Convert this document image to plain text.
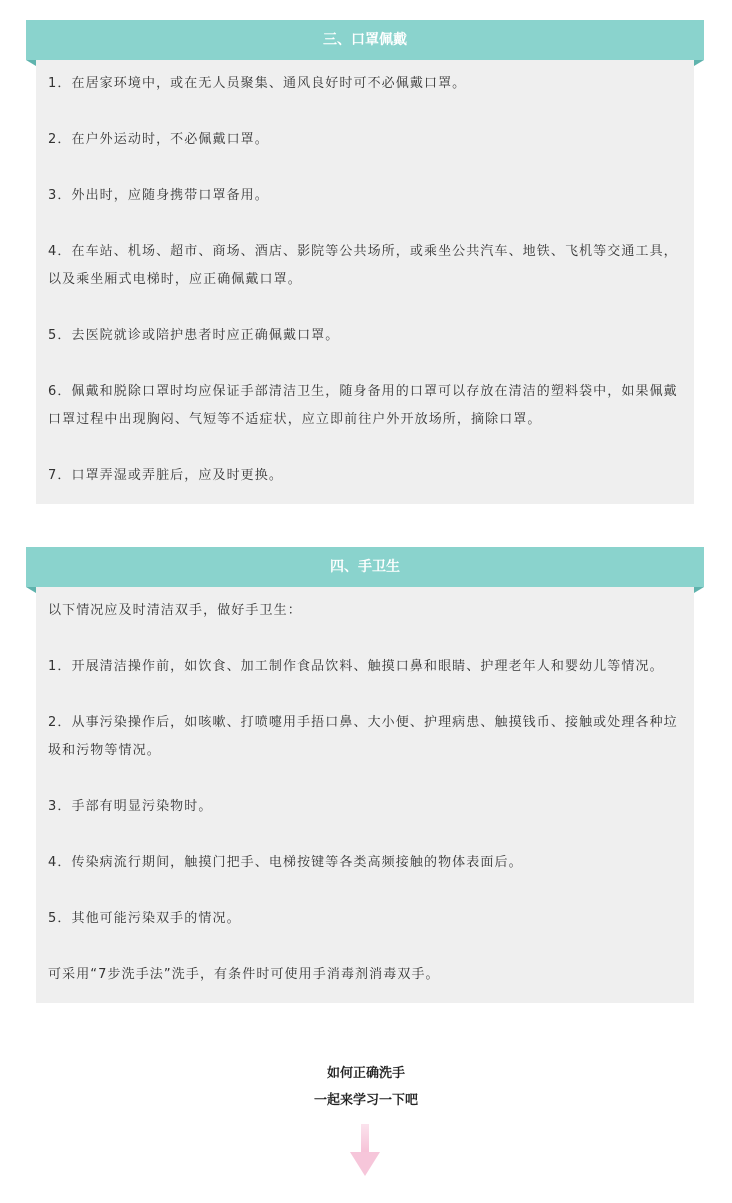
三、口罩佩戴

1．在居家环境中，或在无人员聚集、通风良好时可不必佩戴口罩。

2．在户外运动时，不必佩戴口罩。

3．外出时，应随身携带口罩备用。

4．在车站、机场、超市、商场、酒店、影院等公共场所，或乘坐公共汽车、地铁、飞机等交通工具，以及乘坐厢式电梯时，应正确佩戴口罩。

5．去医院就诊或陪护患者时应正确佩戴口罩。

6．佩戴和脱除口罩时均应保证手部清洁卫生，随身备用的口罩可以存放在清洁的塑料袋中，如果佩戴口罩过程中出现胸闷、气短等不适症状，应立即前往户外开放场所，摘除口罩。

7．口罩弄湿或弄脏后，应及时更换。

四、手卫生

以下情况应及时清洁双手，做好手卫生：

1．开展清洁操作前，如饮食、加工制作食品饮料、触摸口鼻和眼睛、护理老年人和婴幼儿等情况。

2．从事污染操作后，如咳嗽、打喷嚏用手捂口鼻、大小便、护理病患、触摸钱币、接触或处理各种垃圾和污物等情况。

3．手部有明显污染物时。

4．传染病流行期间，触摸门把手、电梯按键等各类高频接触的物体表面后。

5．其他可能污染双手的情况。

可采用“7步洗手法”洗手，有条件时可使用手消毒剂消毒双手。

如何正确洗手
一起来学习一下吧
